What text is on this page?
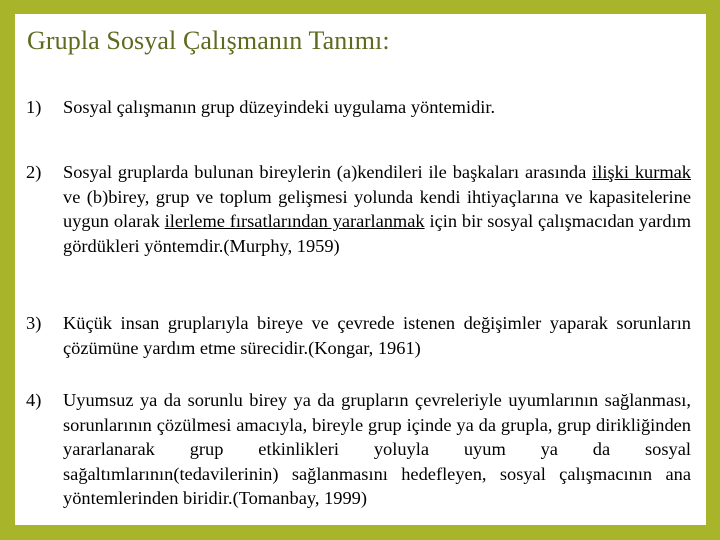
Grupla Sosyal Çalışmanın Tanımı:
1) Sosyal çalışmanın grup düzeyindeki uygulama yöntemidir.
2) Sosyal gruplarda bulunan bireylerin (a)kendileri ile başkaları arasında ilişki kurmak ve (b)birey, grup ve toplum gelişmesi yolunda kendi ihtiyaçlarına ve kapasitelerine uygun olarak ilerleme fırsatlarından yararlanmak için bir sosyal çalışmacıdan yardım gördükleri yöntemdir.(Murphy, 1959)
3) Küçük insan gruplarıyla bireye ve çevrede istenen değişimler yaparak sorunların çözümüne yardım etme sürecidir.(Kongar, 1961)
4) Uyumsuz ya da sorunlu birey ya da grupların çevreleriyle uyumlarının sağlanması, sorunlarının çözülmesi amacıyla, bireyle grup içinde ya da grupla, grup dirikliğinden yararlanarak grup etkinlikleri yoluyla uyum ya da sosyal sağaltımlarının(tedavilerinin) sağlanmasını hedefleyen, sosyal çalışmacının ana yöntemlerinden biridir.(Tomanbay, 1999)
